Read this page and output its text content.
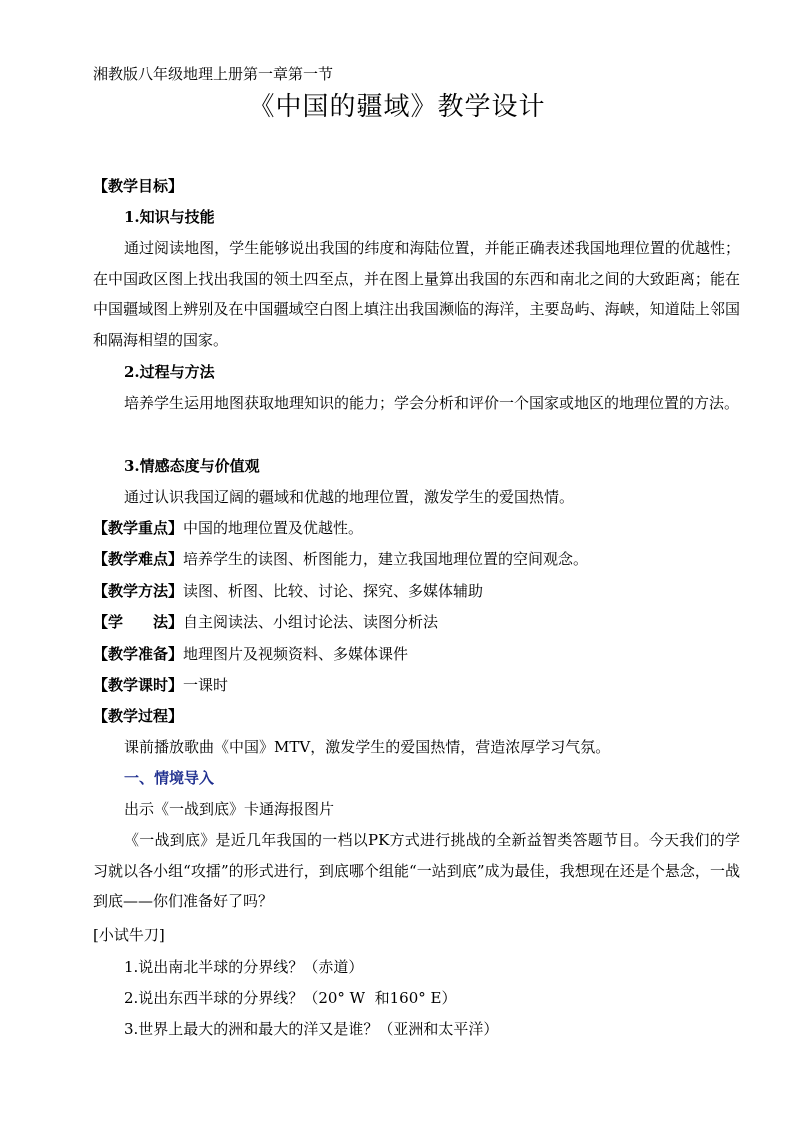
湘教版八年级地理上册第一章第一节
《中国的疆域》教学设计
【教学目标】
1.知识与技能
通过阅读地图，学生能够说出我国的纬度和海陆位置，并能正确表述我国地理位置的优越性；在中国政区图上找出我国的领土四至点，并在图上量算出我国的东西和南北之间的大致距离；能在中国疆域图上辨别及在中国疆域空白图上填注出我国濒临的海洋，主要岛屿、海峡，知道陆上邻国和隔海相望的国家。
2.过程与方法
培养学生运用地图获取地理知识的能力；学会分析和评价一个国家或地区的地理位置的方法。
3.情感态度与价值观
通过认识我国辽阔的疆域和优越的地理位置，激发学生的爱国热情。
【教学重点】中国的地理位置及优越性。
【教学难点】培养学生的读图、析图能力，建立我国地理位置的空间观念。
【教学方法】读图、析图、比较、讨论、探究、多媒体辅助
【学　　法】自主阅读法、小组讨论法、读图分析法
【教学准备】地理图片及视频资料、多媒体课件
【教学课时】一课时
【教学过程】
课前播放歌曲《中国》MTV，激发学生的爱国热情，营造浓厚学习气氛。
一、情境导入
出示《一战到底》卡通海报图片
《一战到底》是近几年我国的一档以PK方式进行挑战的全新益智类答题节目。今天我们的学习就以各小组“攻擂”的形式进行，到底哪个组能“一站到底”成为最佳，我想现在还是个悬念，一战到底——你们准备好了吗？
[小试牛刀]
1.说出南北半球的分界线？（赤道）
2.说出东西半球的分界线？（20° W  和160° E）
3.世界上最大的洲和最大的洋又是谁？（亚洲和太平洋）
